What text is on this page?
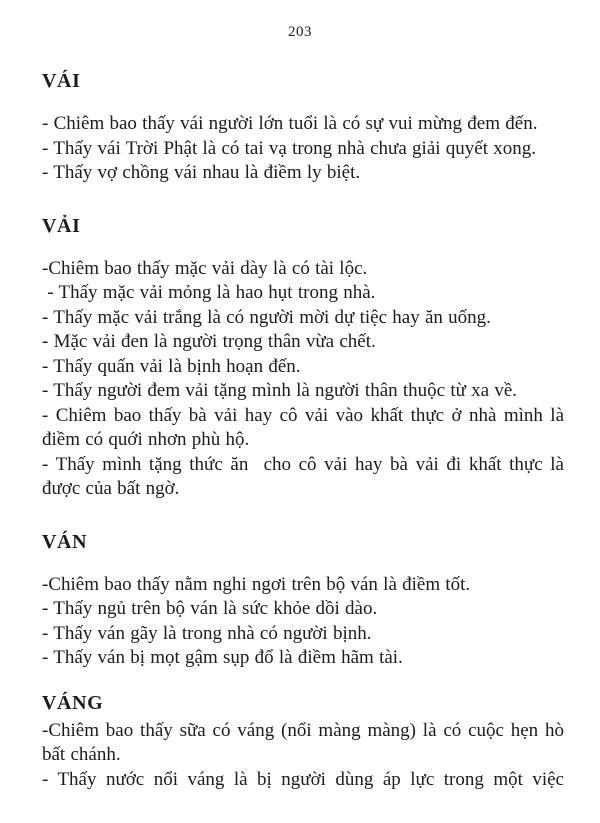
203
VÁI

- Chiêm bao thấy vái người lớn tuổi là có sự vui mừng đem đến.

- Thấy vái Trời Phật là có tai vạ trong nhà chưa giải quyết xong.

- Thấy vợ chồng vái nhau là điềm ly biệt.

VẢI

-Chiêm bao thấy mặc vải dày là có tài lộc.

- Thấy mặc vải mỏng là hao hụt trong nhà.

- Thấy mặc vải trắng là có người mời dự tiệc hay ăn uống.

- Mặc vải đen là người trọng thân vừa chết.

- Thấy quấn vải là bịnh hoạn đến.

- Thấy người đem vải tặng mình là người thân thuộc từ xa về.

- Chiêm bao thấy bà vải hay cô vải vào khất thực ở nhà mình là điềm có quới nhơn phù hộ.

- Thấy mình tặng thức ăn  cho cô vải hay bà vải đi khất thực là được của bất ngờ.

VÁN

-Chiêm bao thấy nằm nghi ngơi trên bộ ván là điềm tốt.

- Thấy ngủ trên bộ ván là sức khỏe dồi dào.

- Thấy ván gãy là trong nhà có người bịnh.

- Thấy ván bị mọt gậm sụp đổ là điềm hãm tài.

VÁNG

-Chiêm bao thấy sữa có váng (nổi màng màng) là có cuộc hẹn hò bất chánh.

- Thấy nước nổi váng là bị người dùng áp lực trong một việc
